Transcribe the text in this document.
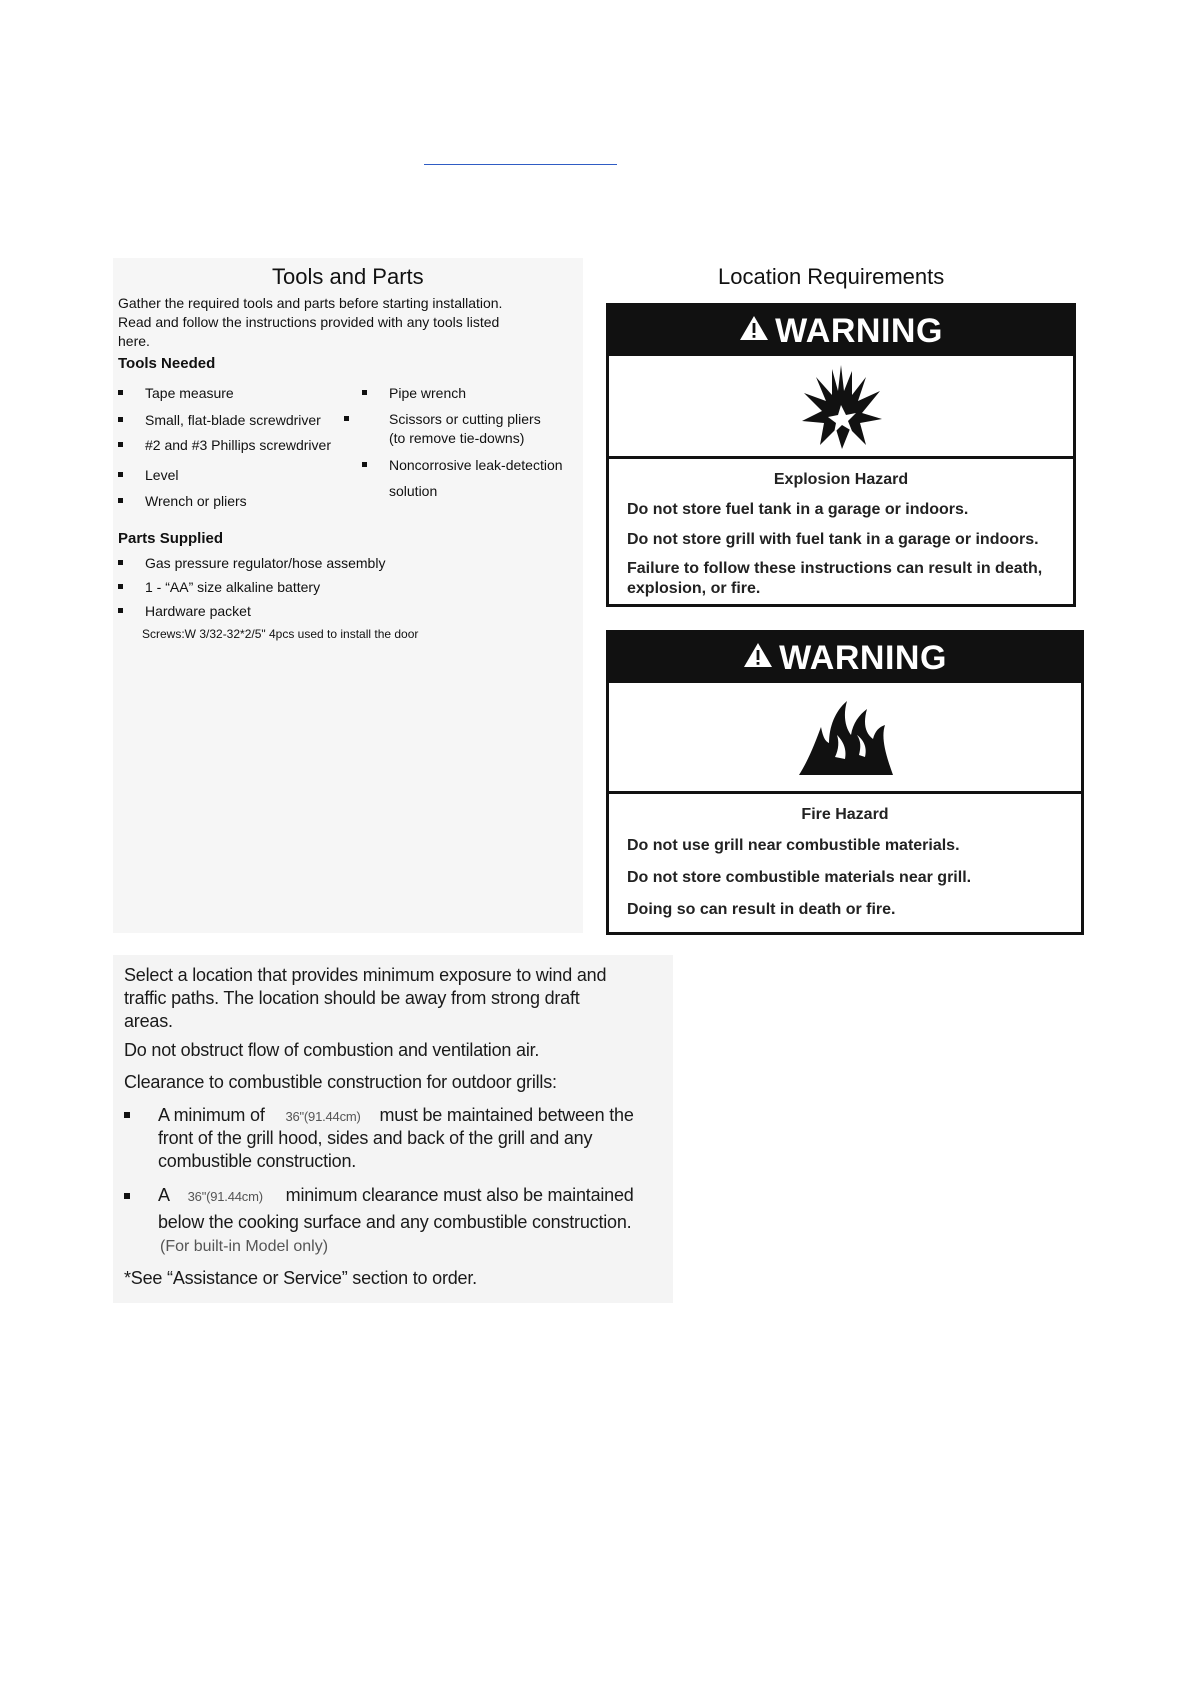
Tools and Parts
Gather the required tools and parts before starting installation.
Read and follow the instructions provided with any tools listed
here.
Tools Needed
Tape measure
Small, flat-blade screwdriver
#2 and #3 Phillips screwdriver
Level
Wrench or pliers
Pipe wrench
Scissors or cutting pliers
(to remove tie-downs)
Noncorrosive leak-detection
solution
Parts Supplied
Gas pressure regulator/hose assembly
1 - “AA” size alkaline battery
Hardware packet
Screws:W 3/32-32*2/5" 4pcs used to install the door
Location Requirements
WARNING
Explosion Hazard
Do not store fuel tank in a garage or indoors.
Do not store grill with fuel tank in a garage or indoors.
Failure to follow these instructions can result in death,
explosion, or fire.
WARNING
Fire Hazard
Do not use grill near combustible materials.
Do not store combustible materials near grill.
Doing so can result in death or fire.
Select a location that provides minimum exposure to wind and
traffic paths. The location should be away from strong draft
areas.
Do not obstruct flow of combustion and ventilation air.
Clearance to combustible construction for outdoor grills:
A minimum of 36"(91.44cm) must be maintained between the
front of the grill hood, sides and back of the grill and any
combustible construction.
A 36"(91.44cm) minimum clearance must also be maintained
below the cooking surface and any combustible construction.
(For built-in Model only)
*See “Assistance or Service” section to order.
